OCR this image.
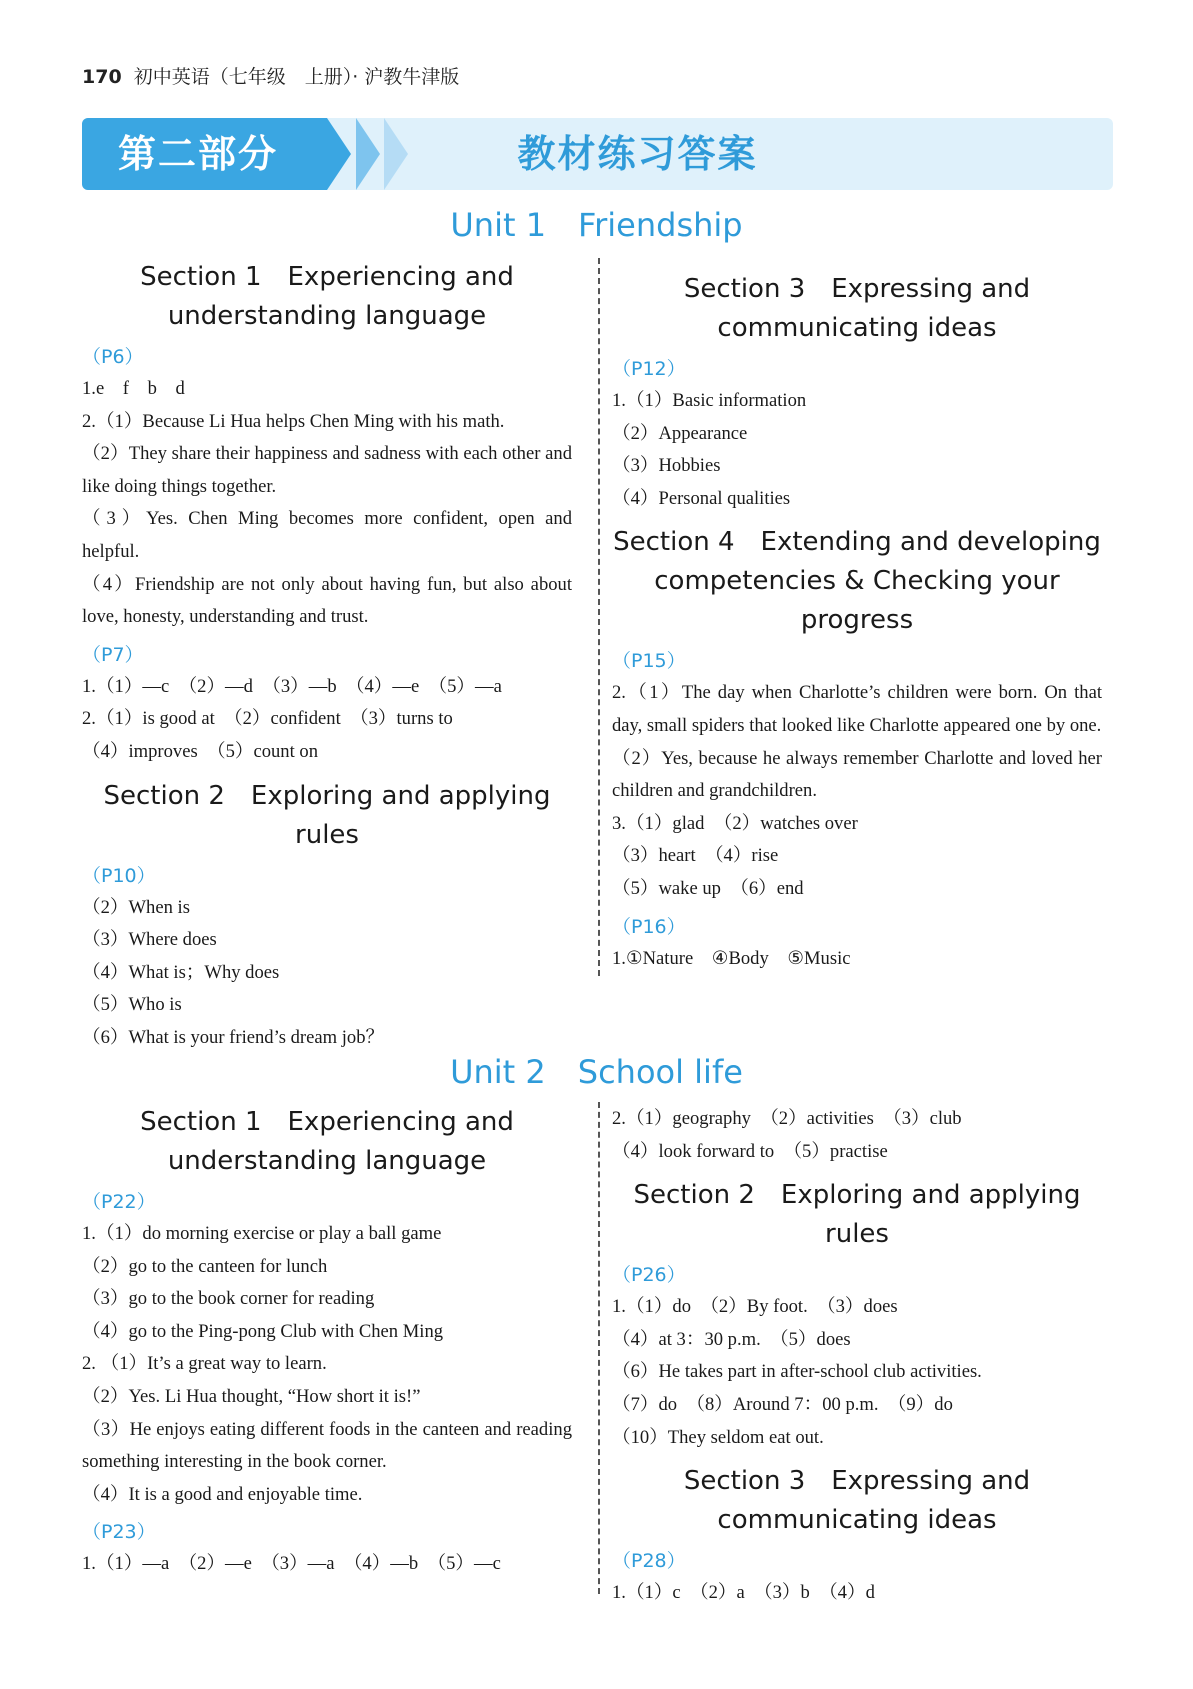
170 初中英语（七年级　上册）· 沪教牛津版
第二部分	教材练习答案
Unit 1　Friendship
Section 1　Experiencing and
understanding language
（P6）
1.e　f　b　d
2.（1）Because Li Hua helps Chen Ming with his math.
（2）They share their happiness and sadness with each other and like doing things together.
（3）Yes. Chen Ming becomes more confident, open and helpful.
（4）Friendship are not only about having fun, but also about love, honesty, understanding and trust.
（P7）
1.（1）—c　（2）—d　（3）—b　（4）—e　（5）—a
2.（1）is good at　（2）confident　（3）turns to
（4）improves　（5）count on
Section 2　Exploring and applying rules
（P10）
（2）When is
（3）Where does
（4）What is；Why does
（5）Who is
（6）What is your friend’s dream job？
Section 3　Expressing and
communicating ideas
（P12）
1.（1）Basic information
（2）Appearance
（3）Hobbies
（4）Personal qualities
Section 4　Extending and developing
competencies & Checking your progress
（P15）
2.（1）The day when Charlotte’s children were born. On that day, small spiders that looked like Charlotte appeared one by one.
（2）Yes, because he always remember Charlotte and loved her children and grandchildren.
3.（1）glad　（2）watches over
（3）heart　（4）rise
（5）wake up　（6）end
（P16）
1.①Nature　④Body　⑤Music
Unit 2　School life
Section 1　Experiencing and
understanding language
（P22）
1.（1）do morning exercise or play a ball game
（2）go to the canteen for lunch
（3）go to the book corner for reading
（4）go to the Ping-pong Club with Chen Ming
2. （1）It’s a great way to learn.
（2）Yes. Li Hua thought, “How short it is!”
（3）He enjoys eating different foods in the canteen and reading something interesting in the book corner.
（4）It is a good and enjoyable time.
（P23）
1.（1）—a　（2）—e　（3）—a　（4）—b　（5）—c
2.（1）geography　（2）activities　（3）club
（4）look forward to　（5）practise
Section 2　Exploring and applying rules
（P26）
1.（1）do　（2）By foot.　（3）does
（4）at 3：30 p.m.　（5）does
（6）He takes part in after-school club activities.
（7）do　（8）Around 7：00 p.m.　（9）do
（10）They seldom eat out.
Section 3　Expressing and
communicating ideas
（P28）
1.（1）c　（2）a　（3）b　（4）d
